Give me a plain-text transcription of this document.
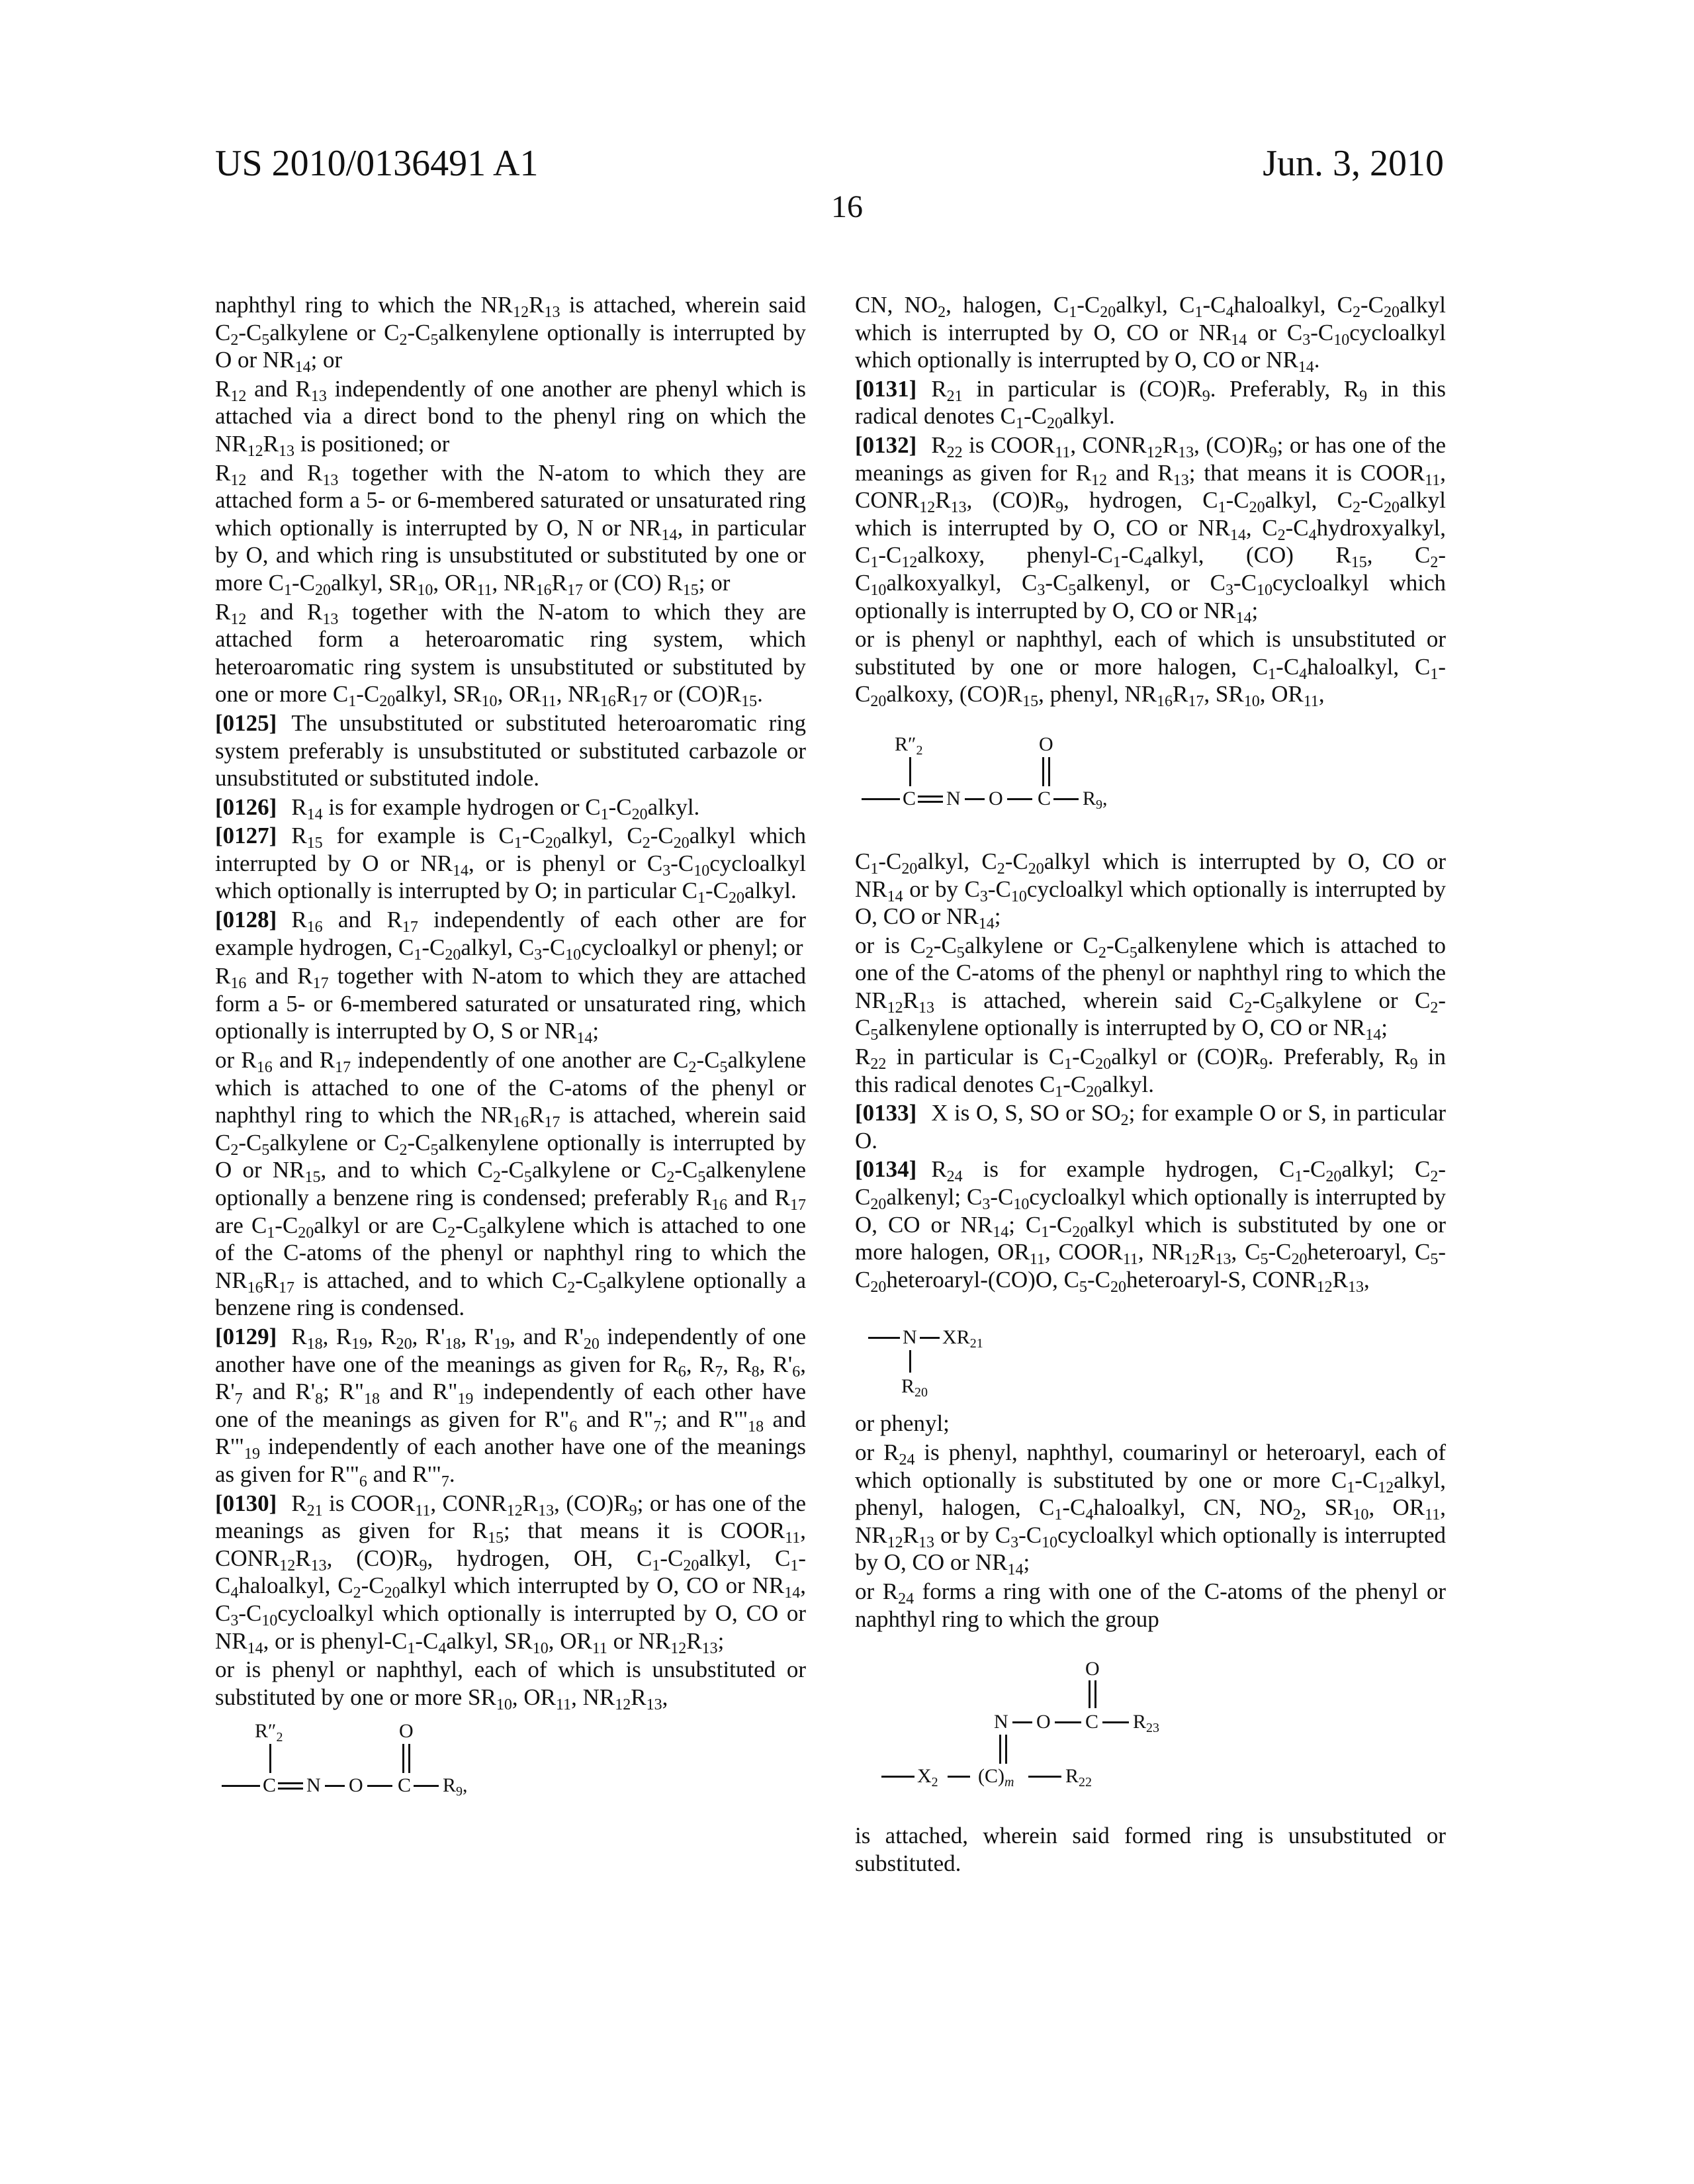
US 2010/0136491 A1	Jun. 3, 2010
16

naphthyl ring to which the NR12R13 is attached, wherein said C2-C5alkylene or C2-C5alkenylene optionally is interrupted by O or NR14; or

R12 and R13 independently of one another are phenyl which is attached via a direct bond to the phenyl ring on which the NR12R13 is positioned; or

R12 and R13 together with the N-atom to which they are attached form a 5- or 6-membered saturated or unsaturated ring which optionally is interrupted by O, N or NR14, in particular by O, and which ring is unsubstituted or substituted by one or more C1-C20alkyl, SR10, OR11, NR16R17 or (CO) R15; or

R12 and R13 together with the N-atom to which they are attached form a heteroaromatic ring system, which heteroaromatic ring system is unsubstituted or substituted by one or more C1-C20alkyl, SR10, OR11, NR16R17 or (CO)R15.

[0125] The unsubstituted or substituted heteroaromatic ring system preferably is unsubstituted or substituted carbazole or unsubstituted or substituted indole.

[0126] R14 is for example hydrogen or C1-C20alkyl.

[0127] R15 for example is C1-C20alkyl, C2-C20alkyl which interrupted by O or NR14, or is phenyl or C3-C10cycloalkyl which optionally is interrupted by O; in particular C1-C20alkyl.

[0128] R16 and R17 independently of each other are for example hydrogen, C1-C20alkyl, C3-C10cycloalkyl or phenyl; or

R16 and R17 together with N-atom to which they are attached form a 5- or 6-membered saturated or unsaturated ring, which optionally is interrupted by O, S or NR14;

or R16 and R17 independently of one another are C2-C5alkylene which is attached to one of the C-atoms of the phenyl or naphthyl ring to which the NR16R17 is attached, wherein said C2-C5alkylene or C2-C5alkenylene optionally is interrupted by O or NR15, and to which C2-C5alkylene or C2-C5alkenylene optionally a benzene ring is condensed; preferably R16 and R17 are C1-C20alkyl or are C2-C5alkylene which is attached to one of the C-atoms of the phenyl or naphthyl ring to which the NR16R17 is attached, and to which C2-C5alkylene optionally a benzene ring is condensed.

[0129] R18, R19, R20, R'18, R'19, and R'20 independently of one another have one of the meanings as given for R6, R7, R8, R'6, R'7 and R'8; R"18 and R"19 independently of each other have one of the meanings as given for R"6 and R"7; and R'"18 and R'"19 independently of each another have one of the meanings as given for R'"6 and R'"7.

[0130] R21 is COOR11, CONR12R13, (CO)R9; or has one of the meanings as given for R15; that means it is COOR11, CONR12R13, (CO)R9, hydrogen, OH, C1-C20alkyl, C1-C4haloalkyl, C2-C20alkyl which interrupted by O, CO or NR14, C3-C10cycloalkyl which optionally is interrupted by O, CO or NR14, or is phenyl-C1-C4alkyl, SR10, OR11 or NR12R13;

or is phenyl or naphthyl, each of which is unsubstituted or substituted by one or more SR10, OR11, NR12R13,

R″2	O
C N O C R9,

CN, NO2, halogen, C1-C20alkyl, C1-C4haloalkyl, C2-C20alkyl which is interrupted by O, CO or NR14 or C3-C10cycloalkyl which optionally is interrupted by O, CO or NR14.

[0131] R21 in particular is (CO)R9. Preferably, R9 in this radical denotes C1-C20alkyl.

[0132] R22 is COOR11, CONR12R13, (CO)R9; or has one of the meanings as given for R12 and R13; that means it is COOR11, CONR12R13, (CO)R9, hydrogen, C1-C20alkyl, C2-C20alkyl which is interrupted by O, CO or NR14, C2-C4hydroxyalkyl, C1-C12alkoxy, phenyl-C1-C4alkyl, (CO) R15, C2-C10alkoxyalkyl, C3-C5alkenyl, or C3-C10cycloalkyl which optionally is interrupted by O, CO or NR14;

or is phenyl or naphthyl, each of which is unsubstituted or substituted by one or more halogen, C1-C4haloalkyl, C1-C20alkoxy, (CO)R15, phenyl, NR16R17, SR10, OR11,

R″2	O
C N O C R9,

C1-C20alkyl, C2-C20alkyl which is interrupted by O, CO or NR14 or by C3-C10cycloalkyl which optionally is interrupted by O, CO or NR14;

or is C2-C5alkylene or C2-C5alkenylene which is attached to one of the C-atoms of the phenyl or naphthyl ring to which the NR12R13 is attached, wherein said C2-C5alkylene or C2-C5alkenylene optionally is interrupted by O, CO or NR14;

R22 in particular is C1-C20alkyl or (CO)R9. Preferably, R9 in this radical denotes C1-C20alkyl.

[0133] X is O, S, SO or SO2; for example O or S, in particular O.

[0134] R24 is for example hydrogen, C1-C20alkyl; C2-C20alkenyl; C3-C10cycloalkyl which optionally is interrupted by O, CO or NR14; C1-C20alkyl which is substituted by one or more halogen, OR11, COOR11, NR12R13, C5-C20heteroaryl, C5-C20heteroaryl-(CO)O, C5-C20heteroaryl-S, CONR12R13,

N XR21
R20

or phenyl;

or R24 is phenyl, naphthyl, coumarinyl or heteroaryl, each of which optionally is substituted by one or more C1-C12alkyl, phenyl, halogen, C1-C4haloalkyl, CN, NO2, SR10, OR11, NR12R13 or by C3-C10cycloalkyl which optionally is interrupted by O, CO or NR14;

or R24 forms a ring with one of the C-atoms of the phenyl or naphthyl ring to which the group

O
N O C R23
X2 (C)m	R22

is attached, wherein said formed ring is unsubstituted or substituted.
